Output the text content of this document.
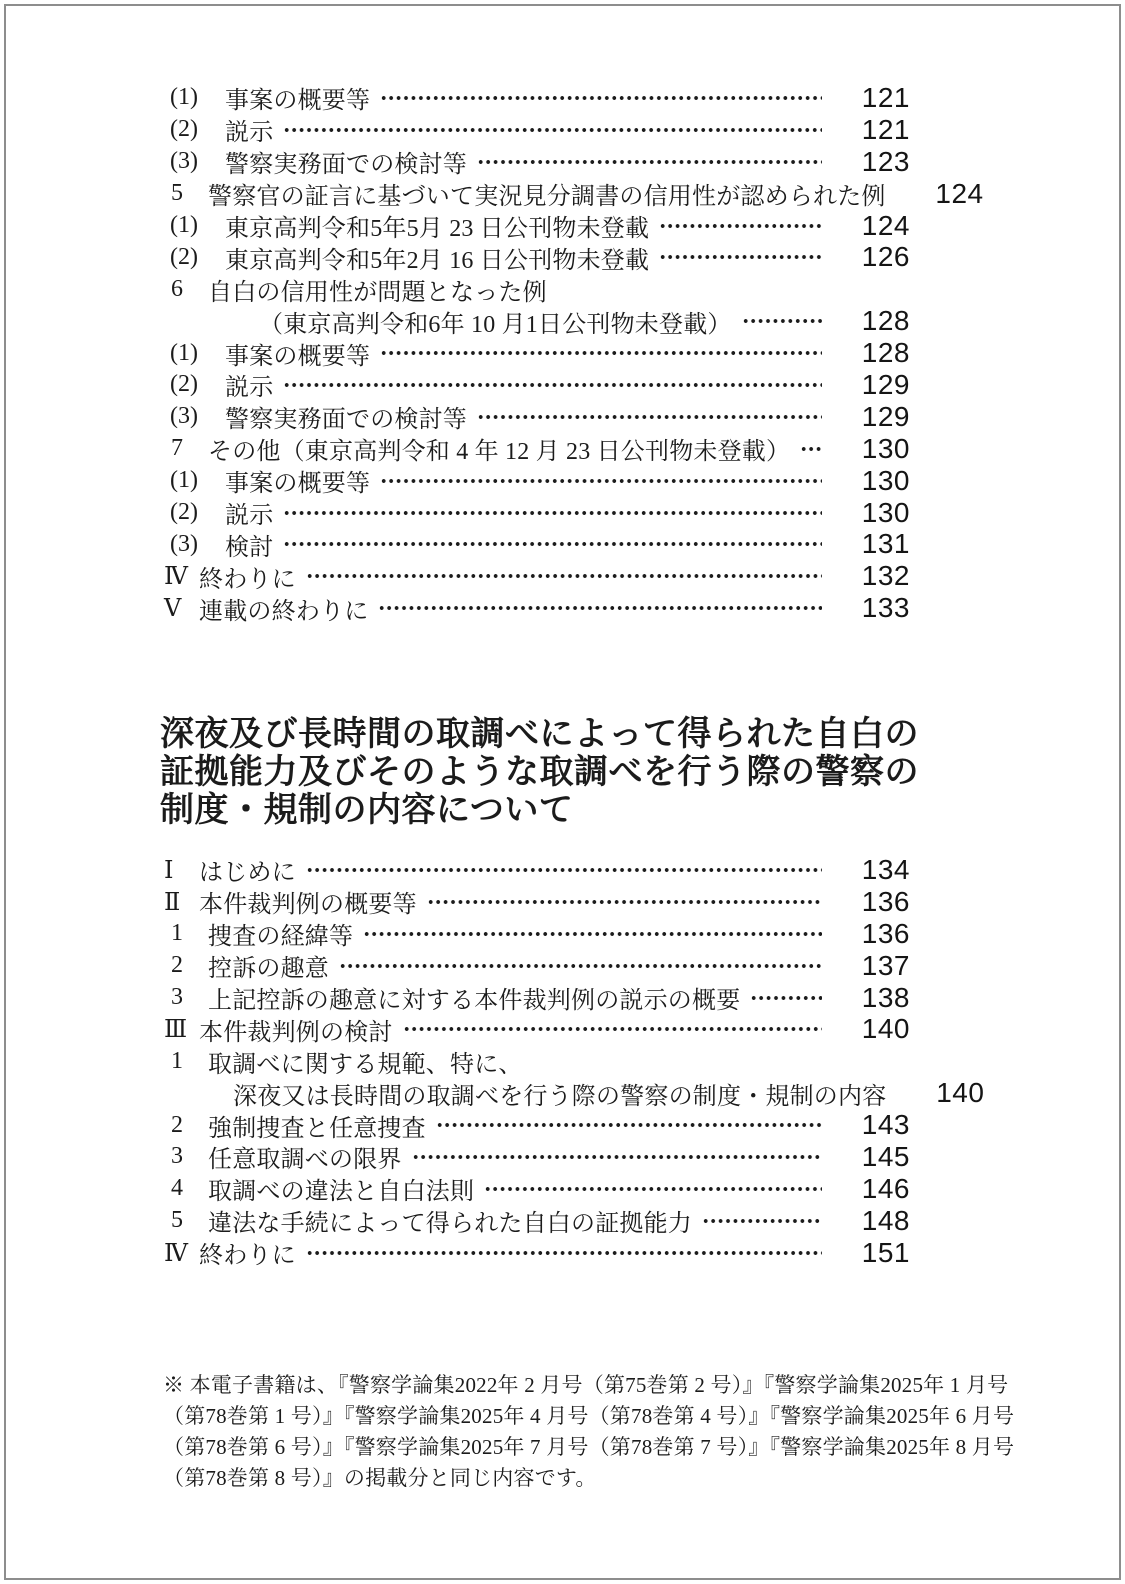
(1)	事案の概要等	121
(2)	説示	121
(3)	警察実務面での検討等	123
5	警察官の証言に基づいて実況見分調書の信用性が認められた例	124
(1)	東京高判令和5年5月 23 日公刊物未登載	124
(2)	東京高判令和5年2月 16 日公刊物未登載	126
6	自白の信用性が問題となった例
（東京高判令和6年 10 月1日公刊物未登載）	128
(1)	事案の概要等	128
(2)	説示	129
(3)	警察実務面での検討等	129
7	その他（東京高判令和 4 年 12 月 23 日公刊物未登載）	130
(1)	事案の概要等	130
(2)	説示	130
(3)	検討	131
Ⅳ 終わりに	132
Ⅴ 連載の終わりに	133
深夜及び長時間の取調べによって得られた自白の
証拠能力及びそのような取調べを行う際の警察の
制度・規制の内容について
Ⅰ	はじめに	134
Ⅱ 本件裁判例の概要等	136
1	捜査の経緯等	136
2	控訴の趣意	137
3	上記控訴の趣意に対する本件裁判例の説示の概要	138
Ⅲ 本件裁判例の検討	140
1	取調べに関する規範、特に、
深夜又は長時間の取調べを行う際の警察の制度・規制の内容	140
2	強制捜査と任意捜査	143
3	任意取調べの限界	145
4	取調べの違法と自白法則	146
5	違法な手続によって得られた自白の証拠能力	148
Ⅳ 終わりに	151
※ 本電子書籍は、『警察学論集2022年 2 月号（第75巻第 2 号）』『警察学論集2025年 1 月号
（第78巻第 1 号）』『警察学論集2025年 4 月号（第78巻第 4 号）』『警察学論集2025年 6 月号
（第78巻第 6 号）』『警察学論集2025年 7 月号（第78巻第 7 号）』『警察学論集2025年 8 月号
（第78巻第 8 号）』の掲載分と同じ内容です。
